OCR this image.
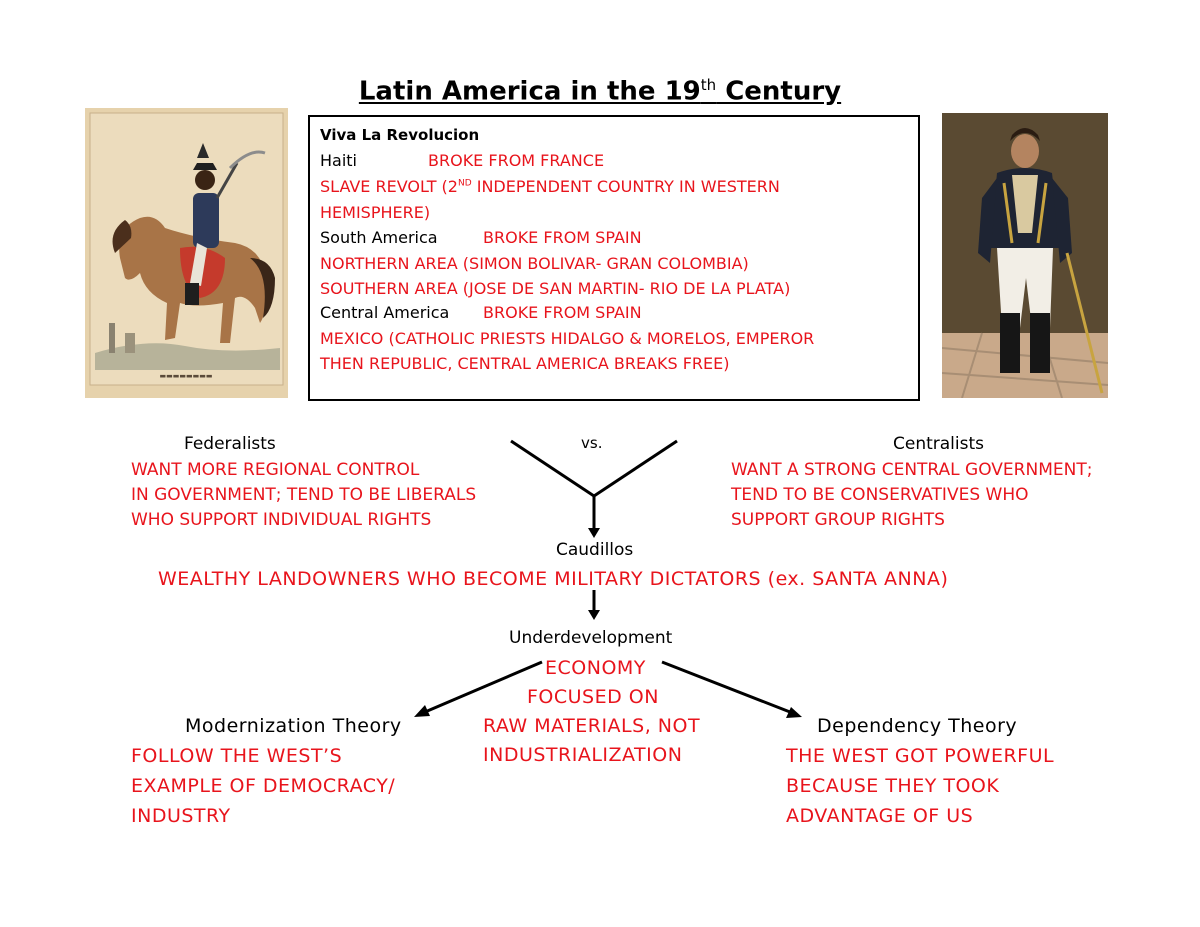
Latin America in the 19th Century
▬▬▬▬▬▬▬▬
Viva La Revolucion
Haiti	BROKE FROM FRANCE
SLAVE REVOLT (2ND INDEPENDENT COUNTRY IN WESTERN
HEMISPHERE)
South America	BROKE FROM SPAIN
NORTHERN AREA (SIMON BOLIVAR- GRAN COLOMBIA)
SOUTHERN AREA (JOSE DE SAN MARTIN- RIO DE LA PLATA)
Central America BROKE FROM SPAIN
MEXICO (CATHOLIC PRIESTS HIDALGO & MORELOS, EMPEROR
THEN REPUBLIC, CENTRAL AMERICA BREAKS FREE)
Federalists
WANT MORE REGIONAL CONTROL
IN GOVERNMENT; TEND TO BE LIBERALS
WHO SUPPORT INDIVIDUAL RIGHTS
vs.	Centralists
WANT A STRONG CENTRAL GOVERNMENT;
TEND TO BE CONSERVATIVES WHO
SUPPORT GROUP RIGHTS
Caudillos
WEALTHY LANDOWNERS WHO BECOME MILITARY DICTATORS (ex. SANTA ANNA)
Underdevelopment
ECONOMY
FOCUSED ON
RAW MATERIALS, NOT
INDUSTRIALIZATION
Modernization Theory
FOLLOW THE WEST’S
EXAMPLE OF DEMOCRACY/
INDUSTRY
Dependency Theory
THE WEST GOT POWERFUL
BECAUSE THEY TOOK
ADVANTAGE OF US
